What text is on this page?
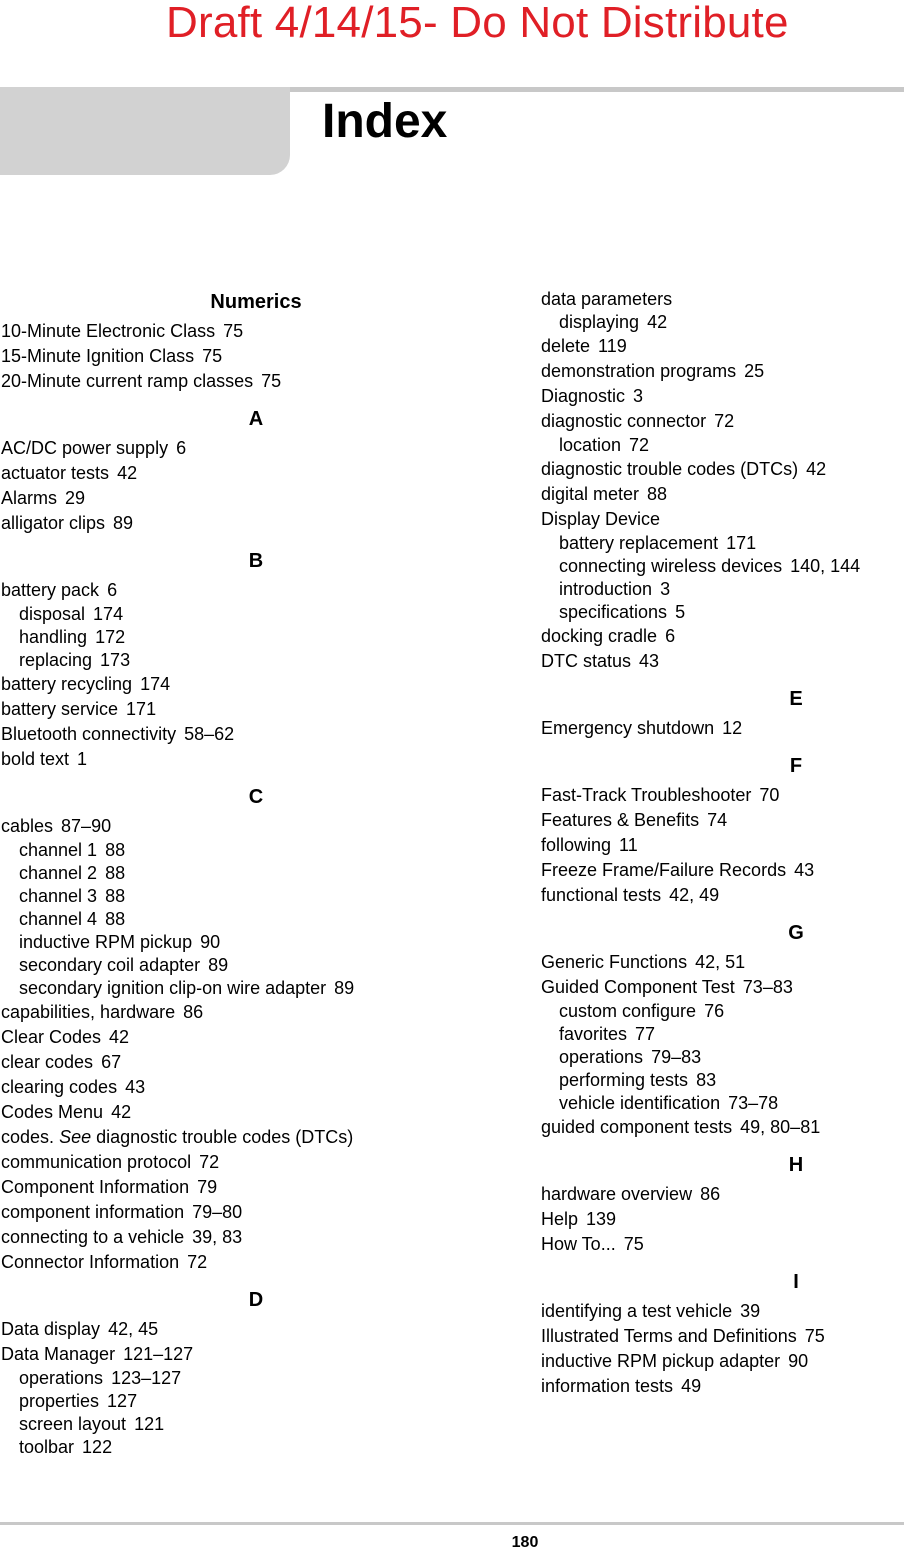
Draft 4/14/15- Do Not Distribute
Index
Numerics
10-Minute Electronic Class 75
15-Minute Ignition Class 75
20-Minute current ramp classes 75
A
AC/DC power supply 6
actuator tests 42
Alarms 29
alligator clips 89
B
battery pack 6
disposal 174
handling 172
replacing 173
battery recycling 174
battery service 171
Bluetooth connectivity 58–62
bold text 1
C
cables 87–90
channel 1 88
channel 2 88
channel 3 88
channel 4 88
inductive RPM pickup 90
secondary coil adapter 89
secondary ignition clip-on wire adapter 89
capabilities, hardware 86
Clear Codes 42
clear codes 67
clearing codes 43
Codes Menu 42
codes. See diagnostic trouble codes (DTCs)
communication protocol 72
Component Information 79
component information 79–80
connecting to a vehicle 39, 83
Connector Information 72
D
Data display 42, 45
Data Manager 121–127
operations 123–127
properties 127
screen layout 121
toolbar 122
data parameters
displaying 42
delete 119
demonstration programs 25
Diagnostic 3
diagnostic connector 72
location 72
diagnostic trouble codes (DTCs) 42
digital meter 88
Display Device
battery replacement 171
connecting wireless devices 140, 144
introduction 3
specifications 5
docking cradle 6
DTC status 43
E
Emergency shutdown 12
F
Fast-Track Troubleshooter 70
Features & Benefits 74
following 11
Freeze Frame/Failure Records 43
functional tests 42, 49
G
Generic Functions 42, 51
Guided Component Test 73–83
custom configure 76
favorites 77
operations 79–83
performing tests 83
vehicle identification 73–78
guided component tests 49, 80–81
H
hardware overview 86
Help 139
How To... 75
I
identifying a test vehicle 39
Illustrated Terms and Definitions 75
inductive RPM pickup adapter 90
information tests 49
180
